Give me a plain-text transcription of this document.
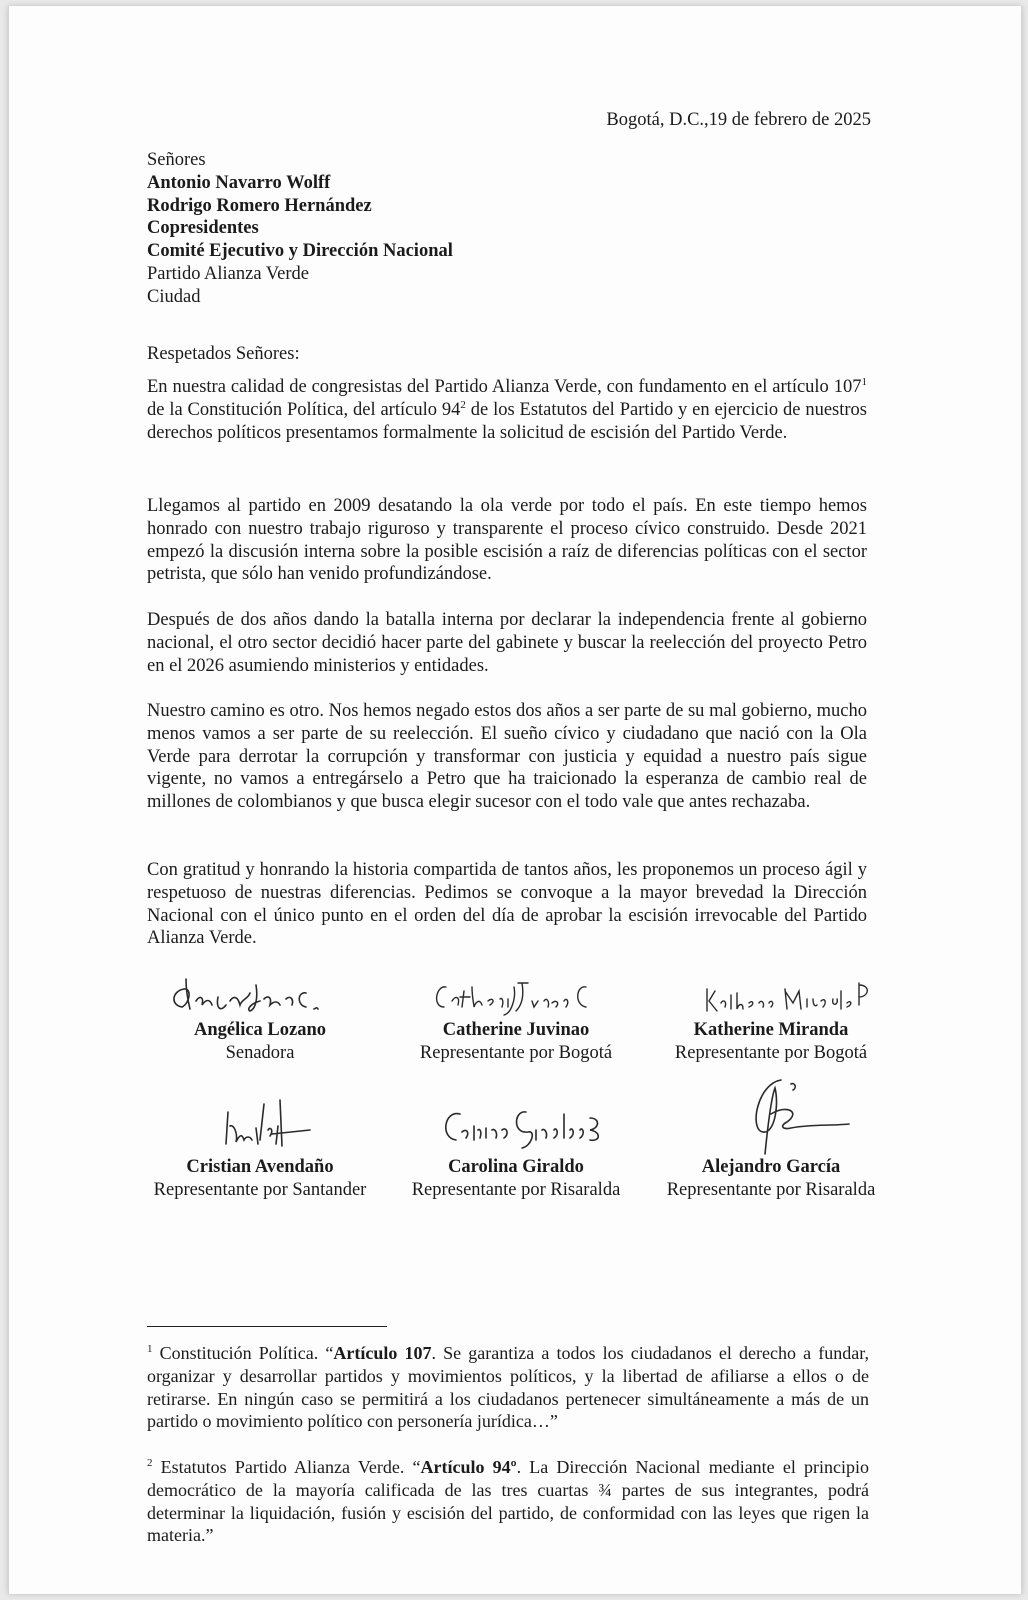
Bogotá, D.C.,19 de febrero de 2025
Señores
Antonio Navarro Wolff
Rodrigo Romero Hernández
Copresidentes
Comité Ejecutivo y Dirección Nacional
Partido Alianza Verde
Ciudad
Respetados Señores:
En nuestra calidad de congresistas del Partido Alianza Verde, con fundamento en el artículo $107^1$ de la Constitución Política, del artículo $94^2$ de los Estatutos del Partido y en ejercicio de nuestros derechos políticos presentamos formalmente la solicitud de escisión del Partido Verde.
Llegamos al partido en 2009 desatando la ola verde por todo el país. En este tiempo hemos honrado con nuestro trabajo riguroso y transparente el proceso cívico construido. Desde 2021 empezó la discusión interna sobre la posible escisión a raíz de diferencias políticas con el sector petrista, que sólo han venido profundizándose.
Después de dos años dando la batalla interna por declarar la independencia frente al gobierno nacional, el otro sector decidió hacer parte del gabinete y buscar la reelección del proyecto Petro en el 2026 asumiendo ministerios y entidades.
Nuestro camino es otro. Nos hemos negado estos dos años a ser parte de su mal gobierno, mucho menos vamos a ser parte de su reelección. El sueño cívico y ciudadano que nació con la Ola Verde para derrotar la corrupción y transformar con justicia y equidad a nuestro país sigue vigente, no vamos a entregárselo a Petro que ha traicionado la esperanza de cambio real de millones de colombianos y que busca elegir sucesor con el todo vale que antes rechazaba.
Con gratitud y honrando la historia compartida de tantos años, les proponemos un proceso ágil y respetuoso de nuestras diferencias. Pedimos se convoque a la mayor brevedad la Dirección Nacional con el único punto en el orden del día de aprobar la escisión irrevocable del Partido Alianza Verde.
Angélica Lozano
Senadora
Catherine Juvinao
Representante por Bogotá
Katherine Miranda
Representante por Bogotá
Cristian Avendaño
Representante por Santander
Carolina Giraldo
Representante por Risaralda
Alejandro García
Representante por Risaralda
$^1$ Constitución Política. “Artículo 107. Se garantiza a todos los ciudadanos el derecho a fundar, organizar y desarrollar partidos y movimientos políticos, y la libertad de afiliarse a ellos o de retirarse. En ningún caso se permitirá a los ciudadanos pertenecer simultáneamente a más de un partido o movimiento político con personería jurídica…”
$^2$ Estatutos Partido Alianza Verde. “Artículo 94º. La Dirección Nacional mediante el principio democrático de la mayoría calificada de las tres cuartas ¾ partes de sus integrantes, podrá determinar la liquidación, fusión y escisión del partido, de conformidad con las leyes que rigen la materia.”
